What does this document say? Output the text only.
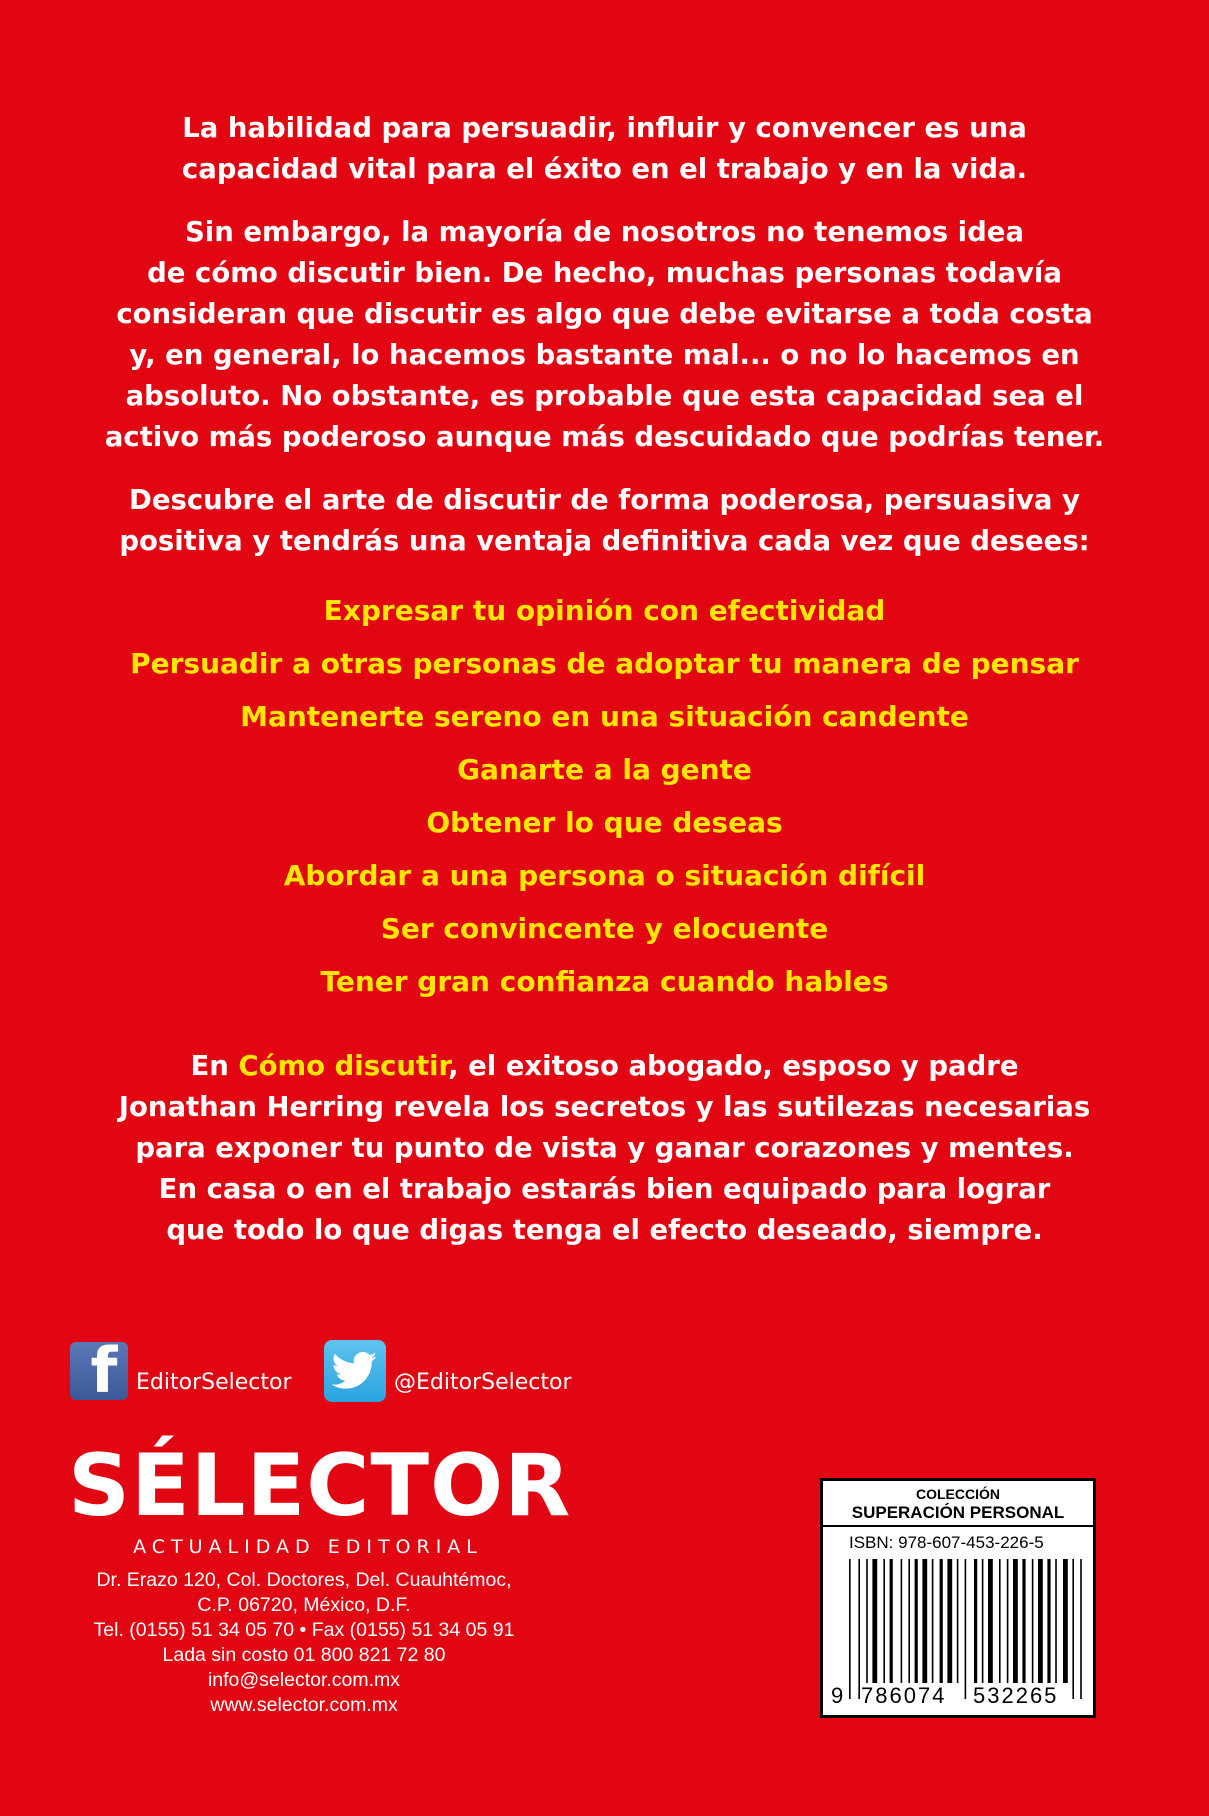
La habilidad para persuadir, influir y convencer es una
capacidad vital para el éxito en el trabajo y en la vida.

Sin embargo, la mayoría de nosotros no tenemos idea
de cómo discutir bien. De hecho, muchas personas todavía
consideran que discutir es algo que debe evitarse a toda costa
y, en general, lo hacemos bastante mal... o no lo hacemos en
absoluto. No obstante, es probable que esta capacidad sea el
activo más poderoso aunque más descuidado que podrías tener.

Descubre el arte de discutir de forma poderosa, persuasiva y
positiva y tendrás una ventaja definitiva cada vez que desees:

Expresar tu opinión con efectividad
Persuadir a otras personas de adoptar tu manera de pensar
Mantenerte sereno en una situación candente
Ganarte a la gente
Obtener lo que deseas
Abordar a una persona o situación difícil
Ser convincente y elocuente
Tener gran confianza cuando hables

En Cómo discutir, el exitoso abogado, esposo y padre
Jonathan Herring revela los secretos y las sutilezas necesarias
para exponer tu punto de vista y ganar corazones y mentes.
En casa o en el trabajo estarás bien equipado para lograr
que todo lo que digas tenga el efecto deseado, siempre.

f EditorSelector	@EditorSelector
SÉLECTOR
ACTUALIDAD EDITORIAL
Dr. Erazo 120, Col. Doctores, Del. Cuauhtémoc,
C.P. 06720, México, D.F.
Tel. (0155) 51 34 05 70 • Fax (0155) 51 34 05 91
Lada sin costo 01 800 821 72 80
info@selector.com.mx
www.selector.com.mx
COLECCIÓN
SUPERACIÓN PERSONAL
ISBN: 978-607-453-226-5
9 786074 532265
